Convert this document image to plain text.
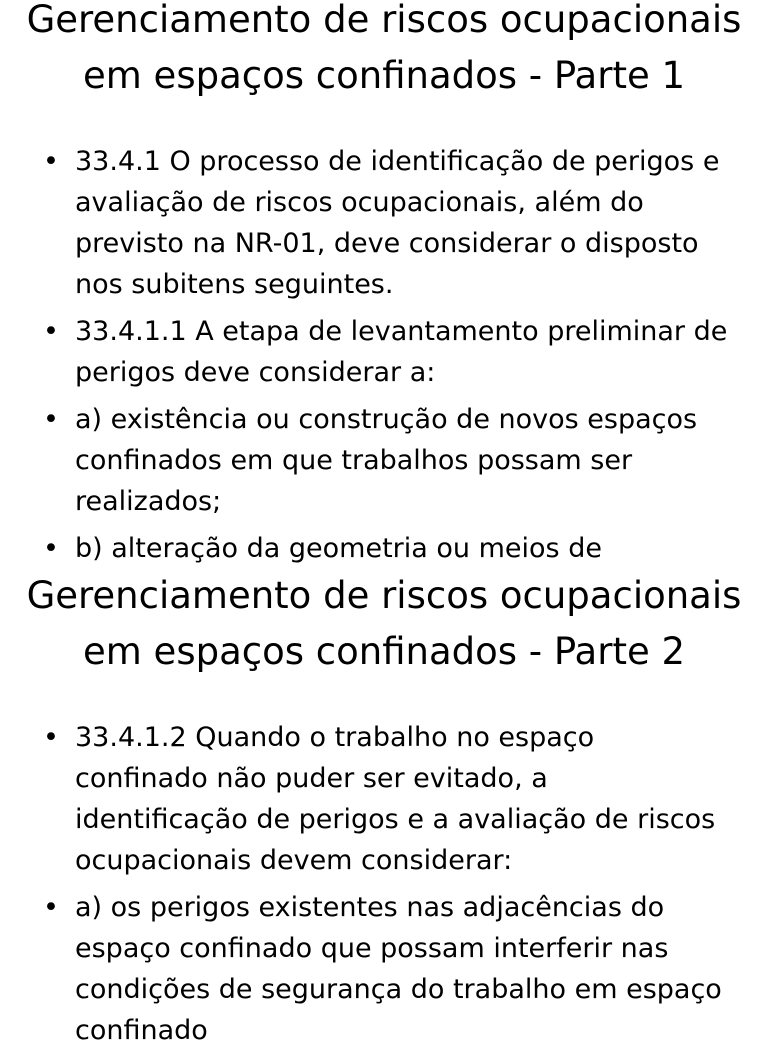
Gerenciamento de riscos ocupacionais em espaços confinados - Parte 1
• 33.4.1 O processo de identificação de perigos e avaliação de riscos ocupacionais, além do previsto na NR-01, deve considerar o disposto nos subitens seguintes.
• 33.4.1.1 A etapa de levantamento preliminar de perigos deve considerar a:
• a) existência ou construção de novos espaços confinados em que trabalhos possam ser realizados;
• b) alteração da geometria ou meios de
Gerenciamento de riscos ocupacionais em espaços confinados - Parte 2
• 33.4.1.2 Quando o trabalho no espaço confinado não puder ser evitado, a identificação de perigos e a avaliação de riscos ocupacionais devem considerar:
• a) os perigos existentes nas adjacências do espaço confinado que possam interferir nas condições de segurança do trabalho em espaço confinado
